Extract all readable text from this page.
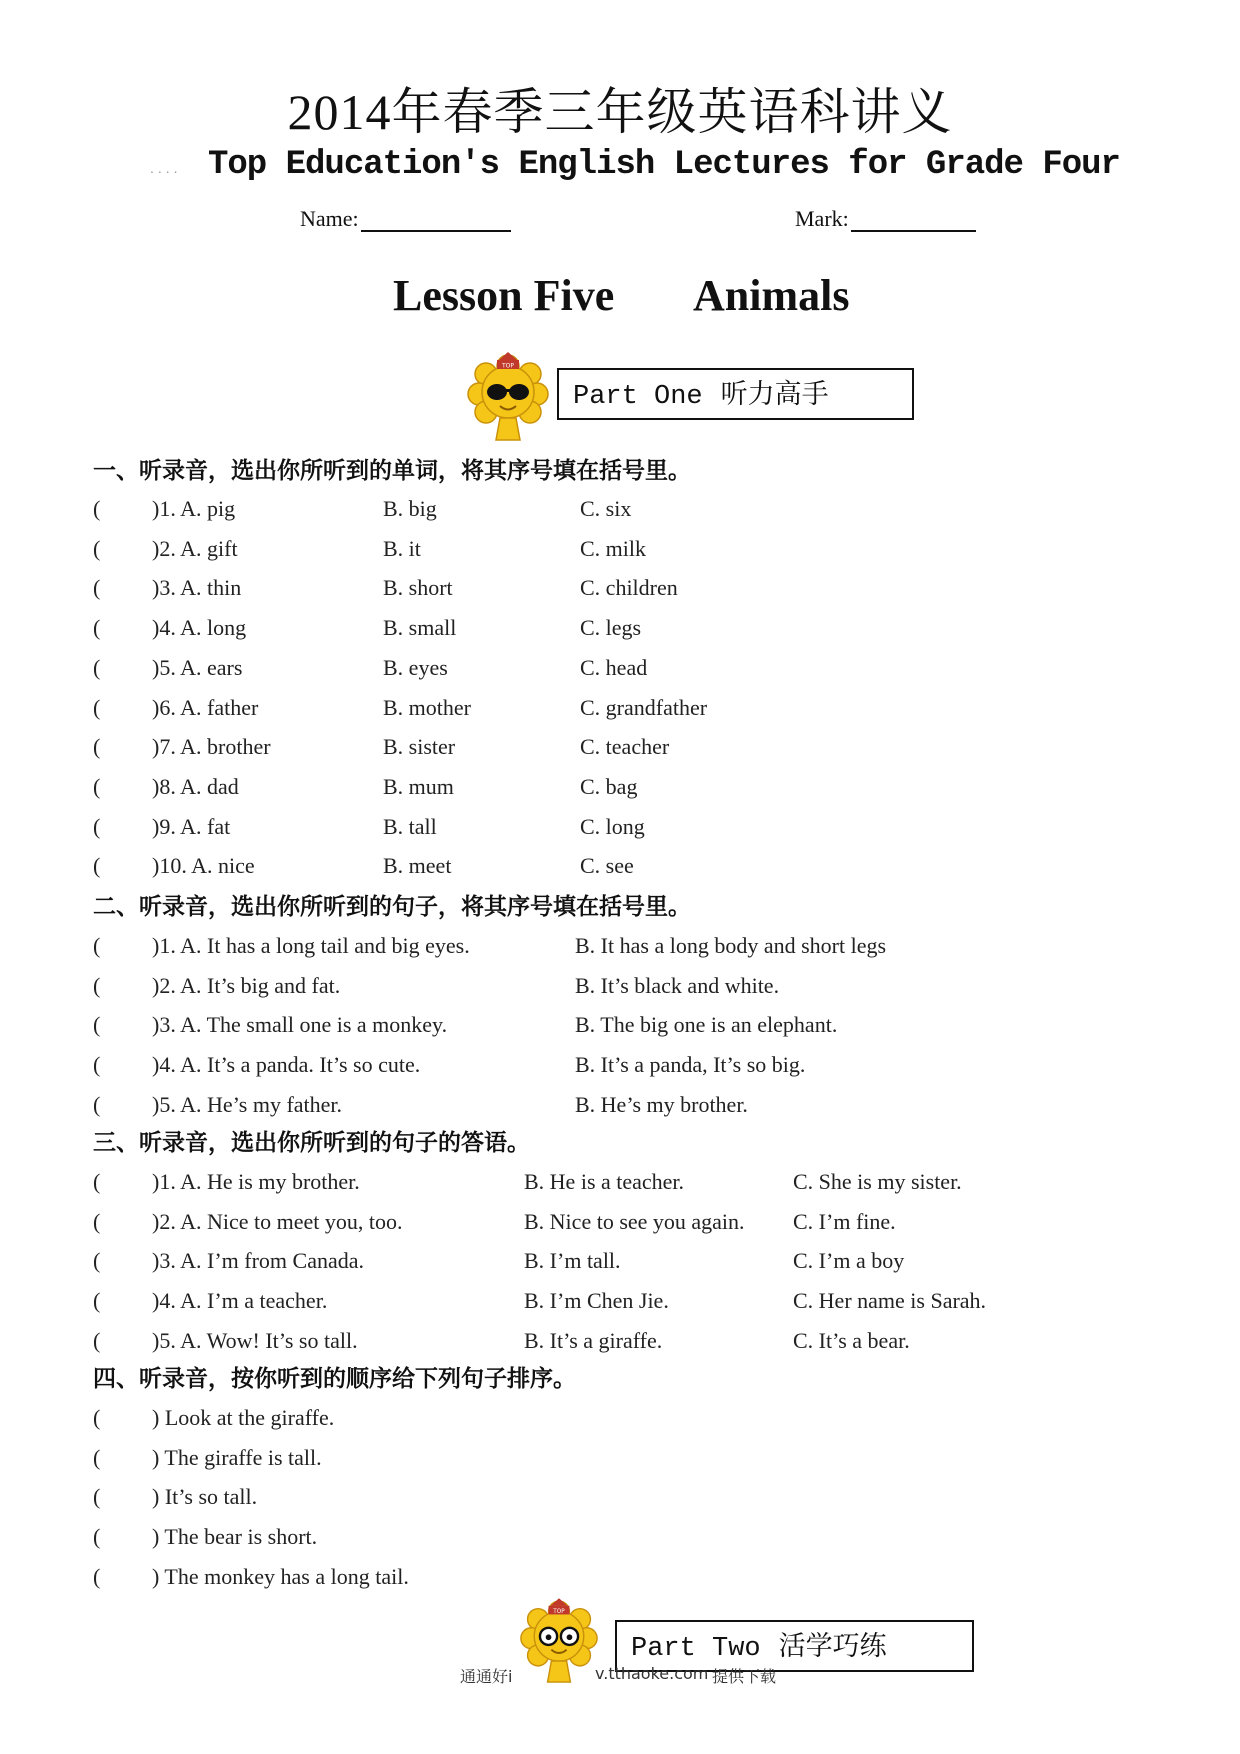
2014年春季三年级英语科讲义
.... Top Education's English Lectures for Grade Four
Name:	Mark:
Lesson Five Animals
TOP
Part One 听力高手
一、听录音，选出你所听到的单词，将其序号填在括号里。
( )1. A. pig	B. big	C. six
( )2. A. gift	B. it	C. milk
( )3. A. thin	B. short	C. children
( )4. A. long	B. small	C. legs
( )5. A. ears	B. eyes	C. head
( )6. A. father	B. mother	C. grandfather
( )7. A. brother	B. sister	C. teacher
( )8. A. dad	B. mum	C. bag
( )9. A. fat	B. tall	C. long
( )10. A. nice	B. meet	C. see
二、听录音，选出你所听到的句子，将其序号填在括号里。
( )1. A. It has a long tail and big eyes.	B. It has a long body and short legs
( )2. A. It’s big and fat.	B. It’s black and white.
( )3. A. The small one is a monkey.	B. The big one is an elephant.
( )4. A. It’s a panda. It’s so cute.	B. It’s a panda, It’s so big.
( )5. A. He’s my father.	B. He’s my brother.
三、听录音，选出你所听到的句子的答语。
( )1. A. He is my brother.	B. He is a teacher.	C. She is my sister.
( )2. A. Nice to meet you, too.	B. Nice to see you again. C. I’m fine.
( )3. A. I’m from Canada.	B. I’m tall.	C. I’m a boy
( )4. A. I’m a teacher.	B. I’m Chen Jie.	C. Her name is Sarah.
( )5. A. Wow! It’s so tall.	B. It’s a giraffe.	C. It’s a bear.
四、听录音，按你听到的顺序给下列句子排序。
( ) Look at the giraffe.
( ) The giraffe is tall.
( ) It’s so tall.
( ) The bear is short.
( ) The monkey has a long tail.
TOP
Part Two 活学巧练
通通好i	v.tthaoke.com 提供下载
